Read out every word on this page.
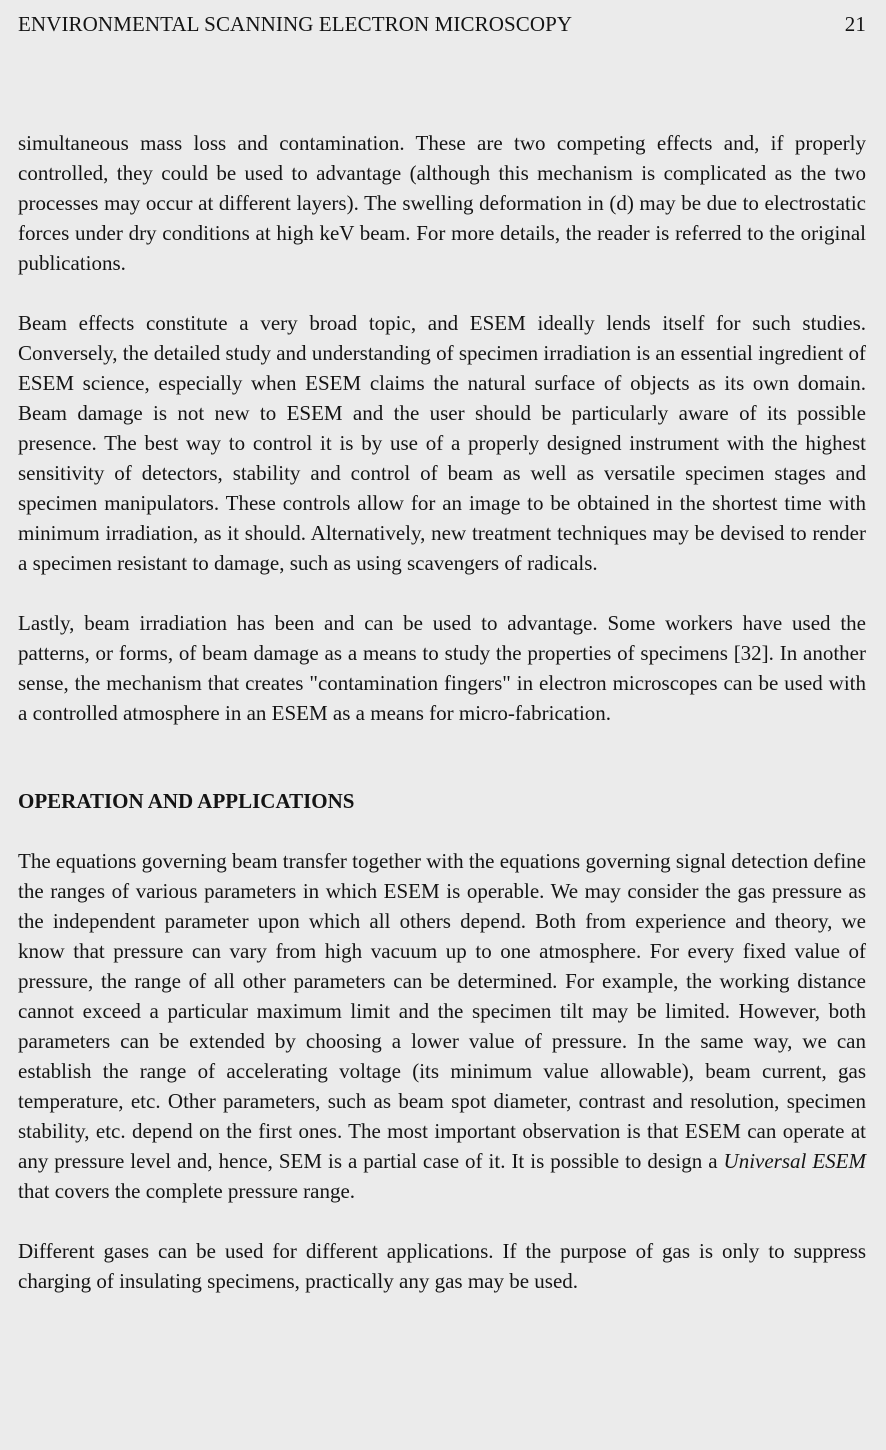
ENVIRONMENTAL SCANNING ELECTRON MICROSCOPY	21

simultaneous mass loss and contamination. These are two competing effects and, if properly controlled, they could be used to advantage (although this mechanism is complicated as the two processes may occur at different layers). The swelling deformation in (d) may be due to electrostatic forces under dry conditions at high keV beam. For more details, the reader is referred to the original publications.

Beam effects constitute a very broad topic, and ESEM ideally lends itself for such studies. Conversely, the detailed study and understanding of specimen irradiation is an essential ingredient of ESEM science, especially when ESEM claims the natural surface of objects as its own domain. Beam damage is not new to ESEM and the user should be particularly aware of its possible presence. The best way to control it is by use of a properly designed instrument with the highest sensitivity of detectors, stability and control of beam as well as versatile specimen stages and specimen manipulators. These controls allow for an image to be obtained in the shortest time with minimum irradiation, as it should. Alternatively, new treatment techniques may be devised to render a specimen resistant to damage, such as using scavengers of radicals.

Lastly, beam irradiation has been and can be used to advantage. Some workers have used the patterns, or forms, of beam damage as a means to study the properties of specimens [32]. In another sense, the mechanism that creates "contamination fingers" in electron microscopes can be used with a controlled atmosphere in an ESEM as a means for micro-fabrication.

OPERATION AND APPLICATIONS

The equations governing beam transfer together with the equations governing signal detection define the ranges of various parameters in which ESEM is operable. We may consider the gas pressure as the independent parameter upon which all others depend. Both from experience and theory, we know that pressure can vary from high vacuum up to one atmosphere. For every fixed value of pressure, the range of all other parameters can be determined. For example, the working distance cannot exceed a particular maximum limit and the specimen tilt may be limited. However, both parameters can be extended by choosing a lower value of pressure. In the same way, we can establish the range of accelerating voltage (its minimum value allowable), beam current, gas temperature, etc. Other parameters, such as beam spot diameter, contrast and resolution, specimen stability, etc. depend on the first ones. The most important observation is that ESEM can operate at any pressure level and, hence, SEM is a partial case of it. It is possible to design a Universal ESEM that covers the complete pressure range.

Different gases can be used for different applications. If the purpose of gas is only to suppress charging of insulating specimens, practically any gas may be used.
